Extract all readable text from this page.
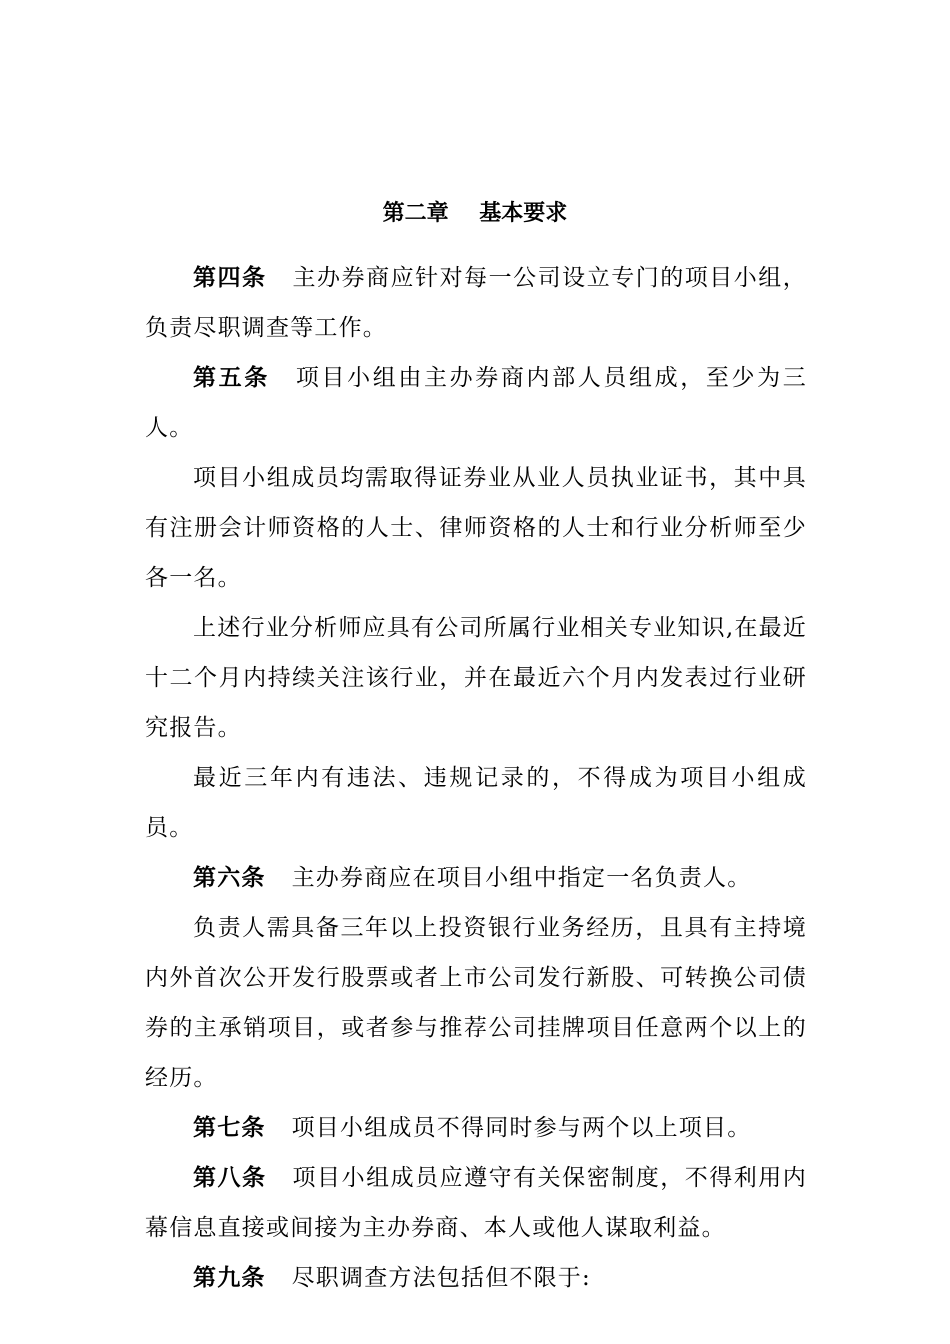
第二章    基本要求

第四条 主办券商应针对每一公司设立专门的项目小组，负责尽职调查等工作。

第五条 项目小组由主办券商内部人员组成，至少为三人。

项目小组成员均需取得证券业从业人员执业证书，其中具有注册会计师资格的人士、律师资格的人士和行业分析师至少各一名。

上述行业分析师应具有公司所属行业相关专业知识,在最近十二个月内持续关注该行业，并在最近六个月内发表过行业研究报告。

最近三年内有违法、违规记录的，不得成为项目小组成员。

第六条 主办券商应在项目小组中指定一名负责人。

负责人需具备三年以上投资银行业务经历，且具有主持境内外首次公开发行股票或者上市公司发行新股、可转换公司债券的主承销项目，或者参与推荐公司挂牌项目任意两个以上的经历。

第七条 项目小组成员不得同时参与两个以上项目。

第八条 项目小组成员应遵守有关保密制度，不得利用内幕信息直接或间接为主办券商、本人或他人谋取利益。

第九条 尽职调查方法包括但不限于:
